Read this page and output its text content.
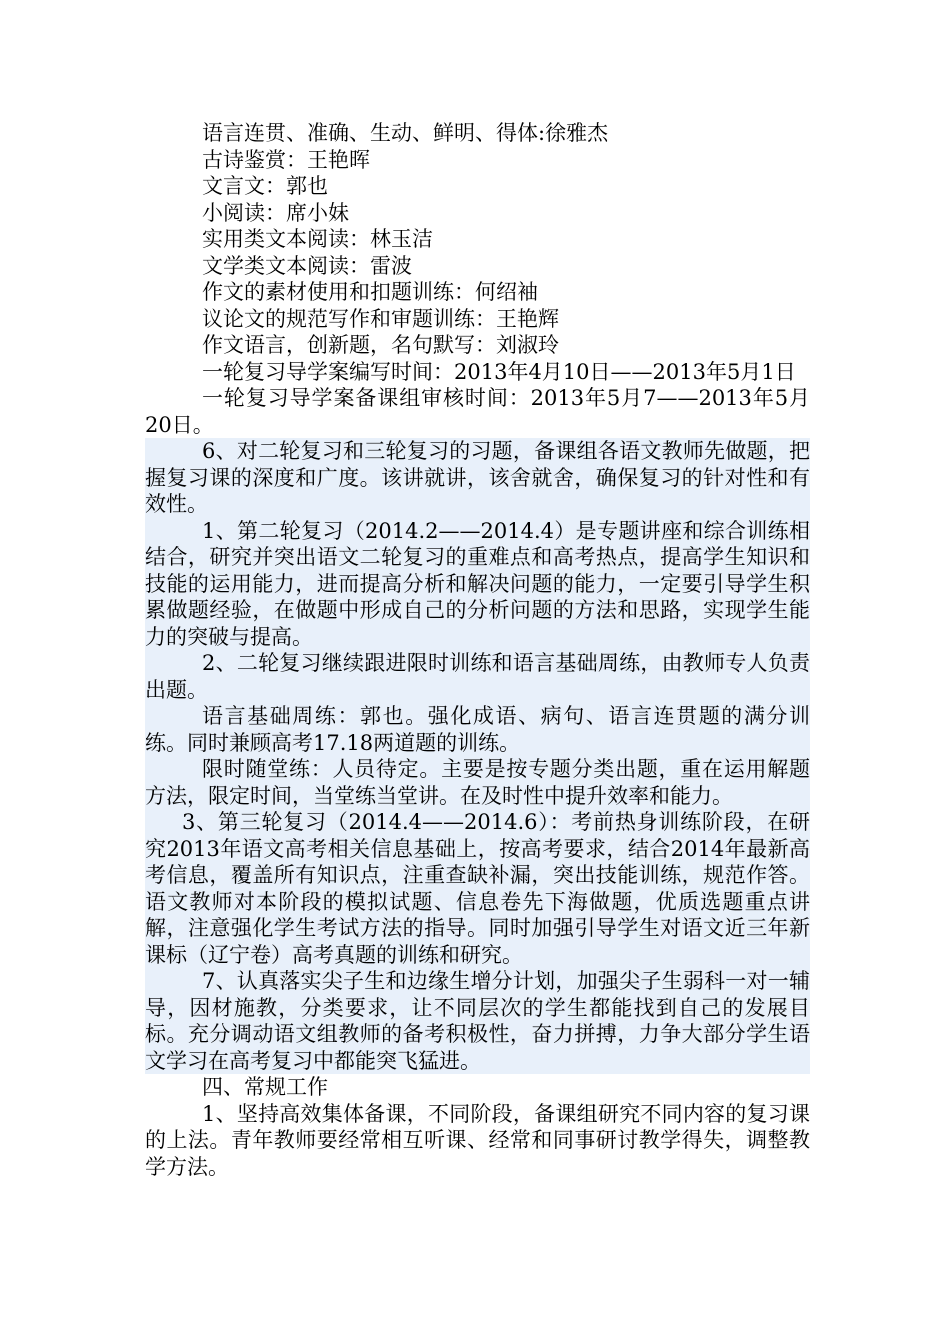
语言连贯、准确、生动、鲜明、得体:徐雅杰

古诗鉴赏：王艳晖

文言文：郭也

小阅读：席小妹

实用类文本阅读：林玉洁

文学类文本阅读：雷波

作文的素材使用和扣题训练：何绍袖

议论文的规范写作和审题训练：王艳辉

作文语言，创新题，名句默写：刘淑玲

一轮复习导学案编写时间：2013年4月10日——2013年5月1日

一轮复习导学案备课组审核时间：2013年5月7——2013年5月20日。

6、对二轮复习和三轮复习的习题，备课组各语文教师先做题，把握复习课的深度和广度。该讲就讲，该舍就舍，确保复习的针对性和有效性。

1、第二轮复习（2014.2——2014.4）是专题讲座和综合训练相结合，研究并突出语文二轮复习的重难点和高考热点，提高学生知识和技能的运用能力，进而提高分析和解决问题的能力，一定要引导学生积累做题经验，在做题中形成自己的分析问题的方法和思路，实现学生能力的突破与提高。

2、二轮复习继续跟进限时训练和语言基础周练，由教师专人负责出题。

语言基础周练：郭也。强化成语、病句、语言连贯题的满分训练。同时兼顾高考17.18两道题的训练。

限时随堂练：人员待定。主要是按专题分类出题，重在运用解题方法，限定时间，当堂练当堂讲。在及时性中提升效率和能力。

3、第三轮复习（2014.4——2014.6）：考前热身训练阶段，在研究2013年语文高考相关信息基础上，按高考要求，结合2014年最新高考信息，覆盖所有知识点，注重查缺补漏，突出技能训练，规范作答。语文教师对本阶段的模拟试题、信息卷先下海做题，优质选题重点讲解，注意强化学生考试方法的指导。同时加强引导学生对语文近三年新课标（辽宁卷）高考真题的训练和研究。

7、认真落实尖子生和边缘生增分计划，加强尖子生弱科一对一辅导，因材施教，分类要求，让不同层次的学生都能找到自己的发展目标。充分调动语文组教师的备考积极性，奋力拼搏，力争大部分学生语文学习在高考复习中都能突飞猛进。

四、常规工作

1、坚持高效集体备课，不同阶段，备课组研究不同内容的复习课的上法。青年教师要经常相互听课、经常和同事研讨教学得失，调整教学方法。
